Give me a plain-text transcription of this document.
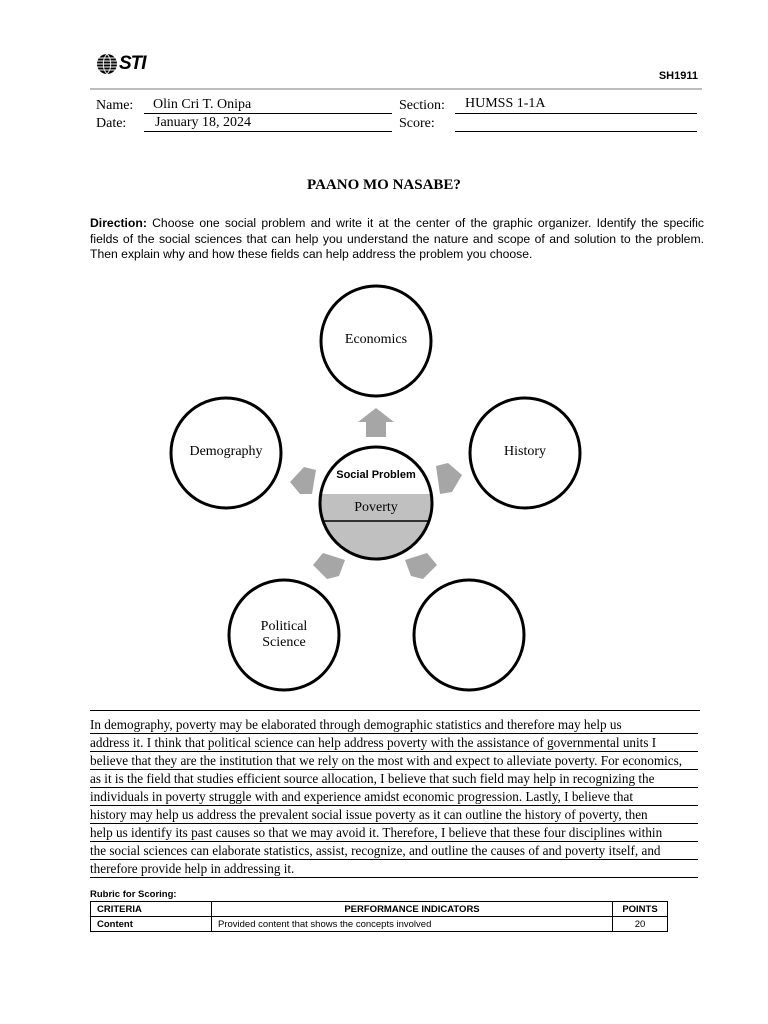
STI
SH1911
Name: Olin Cri T. Onipa
Date: January 18, 2024
Section: HUMSS 1-1A
Score:
PAANO MO NASABE?
Direction: Choose one social problem and write it at the center of the graphic organizer. Identify the specific fields of the social sciences that can help you understand the nature and scope of and solution to the problem. Then explain why and how these fields can help address the problem you choose.
Economics
History
Demography
Political
Science
Social Problem
Poverty
In demography, poverty may be elaborated through demographic statistics and therefore may help us
address it. I think that political science can help address poverty with the assistance of governmental units I
believe that they are the institution that we rely on the most with and expect to alleviate poverty. For economics,
as it is the field that studies efficient source allocation, I believe that such field may help in recognizing the
individuals in poverty struggle with and experience amidst economic progression. Lastly, I believe that
history may help us address the prevalent social issue poverty as it can outline the history of poverty, then
help us identify its past causes so that we may avoid it. Therefore, I believe that these four disciplines within
the social sciences can elaborate statistics, assist, recognize, and outline the causes of and poverty itself, and
therefore provide help in addressing it.
Rubric for Scoring:
CRITERIA	PERFORMANCE INDICATORS	POINTS
Content	Provided content that shows the concepts involved	20
